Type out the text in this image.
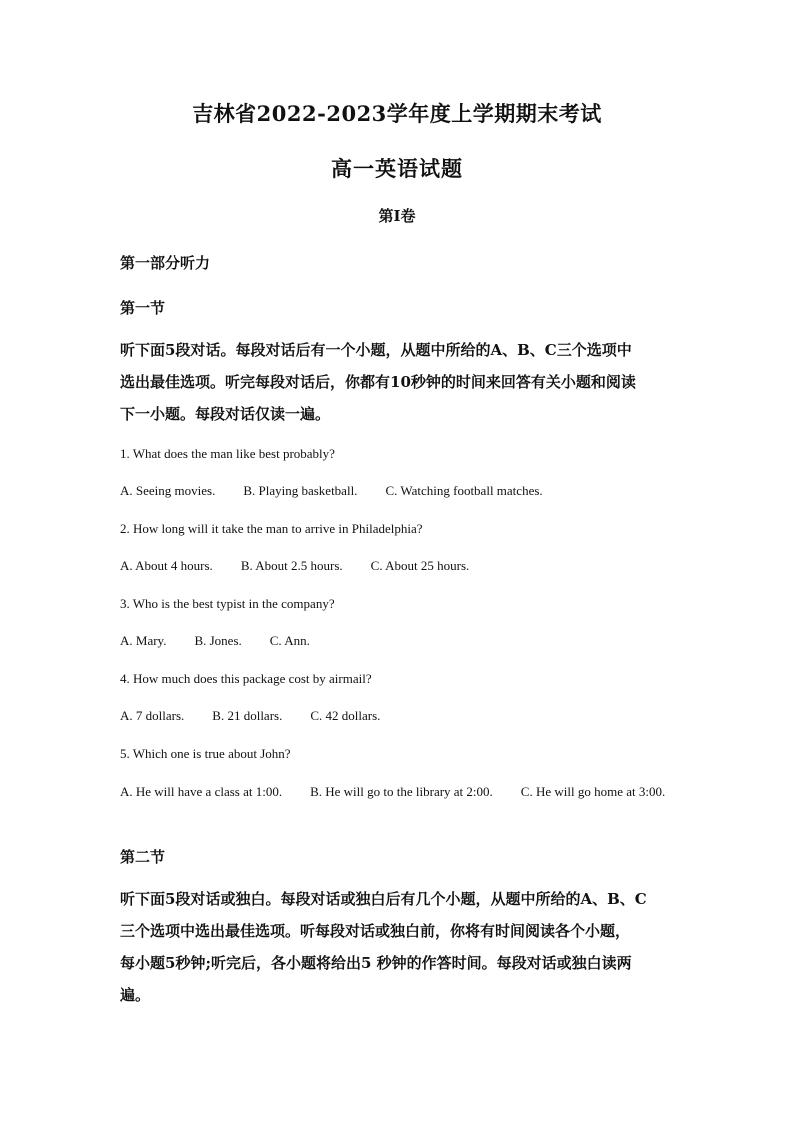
吉林省2022-2023学年度上学期期末考试
高一英语试题
第I卷
第一部分听力
第一节
听下面5段对话。每段对话后有一个小题，从题中所给的A、B、C三个选项中
选出最佳选项。听完每段对话后，你都有10秒钟的时间来回答有关小题和阅读
下一小题。每段对话仅读一遍。
1. What does the man like best probably?
A. Seeing movies. B. Playing basketball. C. Watching football matches.
2. How long will it take the man to arrive in Philadelphia?
A. About 4 hours. B. About 2.5 hours. C. About 25 hours.
3. Who is the best typist in the company?
A. Mary. B. Jones. C. Ann.
4. How much does this package cost by airmail?
A. 7 dollars. B. 21 dollars. C. 42 dollars.
5. Which one is true about John?
A. He will have a class at 1:00. B. He will go to the library at 2:00. C. He will go home at 3:00.
第二节
听下面5段对话或独白。每段对话或独白后有几个小题，从题中所给的A、B、C
三个选项中选出最佳选项。听每段对话或独白前，你将有时间阅读各个小题，
每小题5秒钟;听完后，各小题将给出5 秒钟的作答时间。每段对话或独白读两
遍。
